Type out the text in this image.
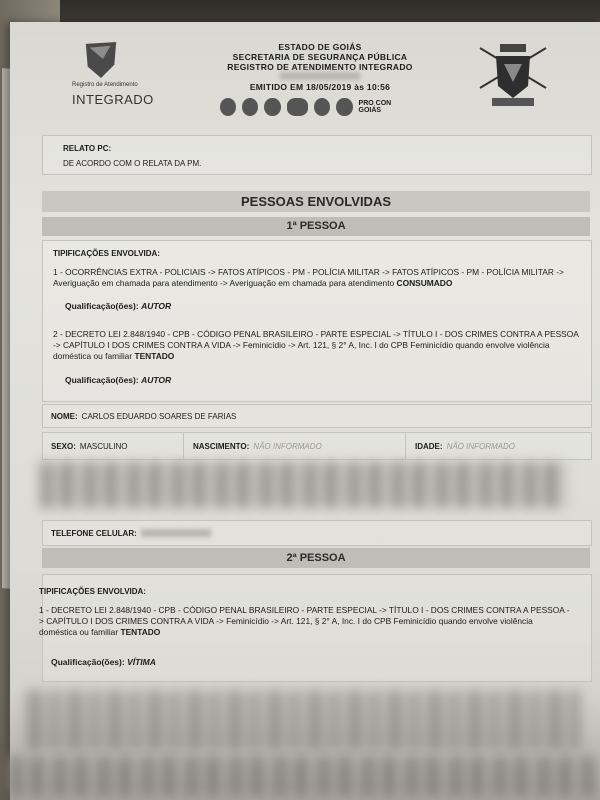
Registro de Atendimento
INTEGRADO
ESTADO DE GOIÁS
SECRETARIA DE SEGURANÇA PÚBLICA
REGISTRO DE ATENDIMENTO INTEGRADO
EMITIDO EM 18/05/2019 às 10:56
PRO CON GOIÁS
RELATO PC:
DE ACORDO COM O RELATA DA PM.
PESSOAS ENVOLVIDAS
1ª PESSOA
TIPIFICAÇÕES ENVOLVIDA:
1 - OCORRÊNCIAS EXTRA - POLICIAIS -> FATOS ATÍPICOS - PM - POLÍCIA MILITAR -> FATOS ATÍPICOS - PM - POLÍCIA MILITAR -> Averiguação em chamada para atendimento -> Averiguação em chamada para atendimento CONSUMADO
Qualificação(ões): AUTOR
2 - DECRETO LEI 2.848/1940 - CPB - CÓDIGO PENAL BRASILEIRO - PARTE ESPECIAL -> TÍTULO I - DOS CRIMES CONTRA A PESSOA -> CAPÍTULO I DOS CRIMES CONTRA A VIDA -> Feminicídio -> Art. 121, § 2° A, Inc. I do CPB Feminicídio quando envolve violência doméstica ou familiar TENTADO
Qualificação(ões): AUTOR
NOME: CARLOS EDUARDO SOARES DE FARIAS
SEXO: MASCULINO	NASCIMENTO: NÃO INFORMADO	IDADE: NÃO INFORMADO
TELEFONE CELULAR:
2ª PESSOA
TIPIFICAÇÕES ENVOLVIDA:
1 - DECRETO LEI 2.848/1940 - CPB - CÓDIGO PENAL BRASILEIRO - PARTE ESPECIAL -> TÍTULO I - DOS CRIMES CONTRA A PESSOA -> CAPÍTULO I DOS CRIMES CONTRA A VIDA -> Feminicídio -> Art. 121, § 2° A, Inc. I do CPB Feminicídio quando envolve violência doméstica ou familiar TENTADO
Qualificação(ões): VÍTIMA
